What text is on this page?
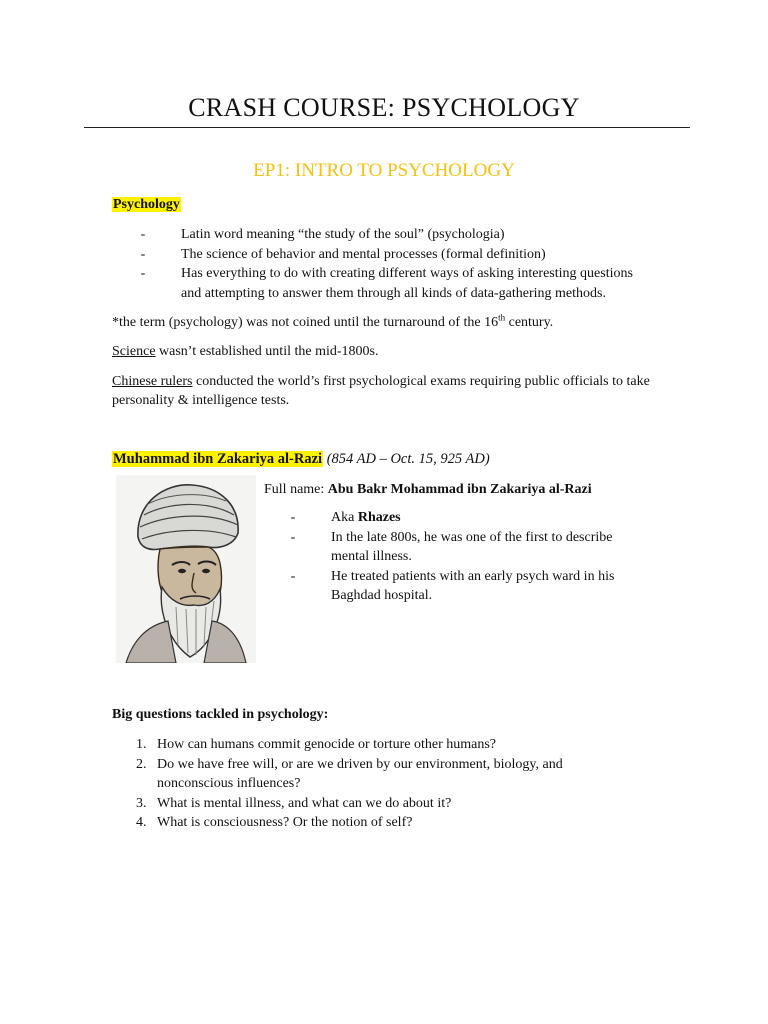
CRASH COURSE: PSYCHOLOGY
EP1: INTRO TO PSYCHOLOGY
Psychology
-	Latin word meaning “the study of the soul” (psychologia)
-	The science of behavior and mental processes (formal definition)
-	Has everything to do with creating different ways of asking interesting questions and attempting to answer them through all kinds of data-gathering methods.
*the term (psychology) was not coined until the turnaround of the 16th century.
Science wasn’t established until the mid-1800s.
Chinese rulers conducted the world’s first psychological exams requiring public officials to take personality & intelligence tests.
Muhammad ibn Zakariya al-Razi (854 AD – Oct. 15, 925 AD)
Full name: Abu Bakr Mohammad ibn Zakariya al-Razi
-	Aka Rhazes
-	In the late 800s, he was one of the first to describe mental illness.
-	He treated patients with an early psych ward in his Baghdad hospital.
Big questions tackled in psychology:
1. How can humans commit genocide or torture other humans?
2. Do we have free will, or are we driven by our environment, biology, and nonconscious influences?
3. What is mental illness, and what can we do about it?
4. What is consciousness? Or the notion of self?
